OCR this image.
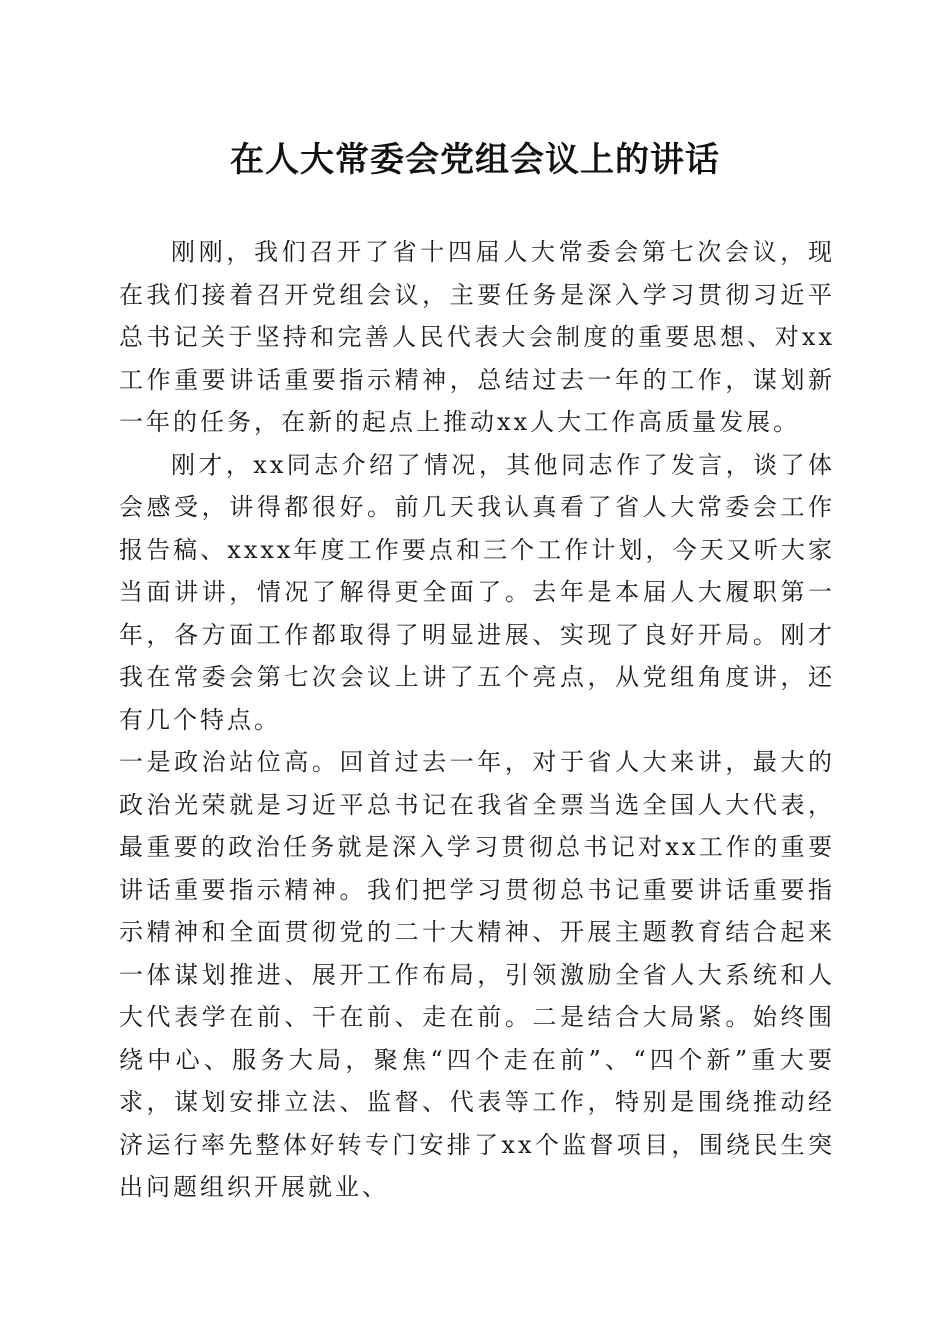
在人大常委会党组会议上的讲话

刚刚，我们召开了省十四届人大常委会第七次会议，现在我们接着召开党组会议，主要任务是深入学习贯彻习近平总书记关于坚持和完善人民代表大会制度的重要思想、对xx工作重要讲话重要指示精神，总结过去一年的工作，谋划新一年的任务，在新的起点上推动xx人大工作高质量发展。

刚才，xx同志介绍了情况，其他同志作了发言，谈了体会感受，讲得都很好。前几天我认真看了省人大常委会工作报告稿、xxxx年度工作要点和三个工作计划，今天又听大家当面讲讲，情况了解得更全面了。去年是本届人大履职第一年，各方面工作都取得了明显进展、实现了良好开局。刚才我在常委会第七次会议上讲了五个亮点，从党组角度讲，还有几个特点。

一是政治站位高。回首过去一年，对于省人大来讲，最大的政治光荣就是习近平总书记在我省全票当选全国人大代表，最重要的政治任务就是深入学习贯彻总书记对xx工作的重要讲话重要指示精神。我们把学习贯彻总书记重要讲话重要指示精神和全面贯彻党的二十大精神、开展主题教育结合起来一体谋划推进、展开工作布局，引领激励全省人大系统和人大代表学在前、干在前、走在前。二是结合大局紧。始终围绕中心、服务大局，聚焦“四个走在前”、“四个新”重大要求，谋划安排立法、监督、代表等工作，特别是围绕推动经济运行率先整体好转专门安排了xx个监督项目，围绕民生突出问题组织开展就业、
